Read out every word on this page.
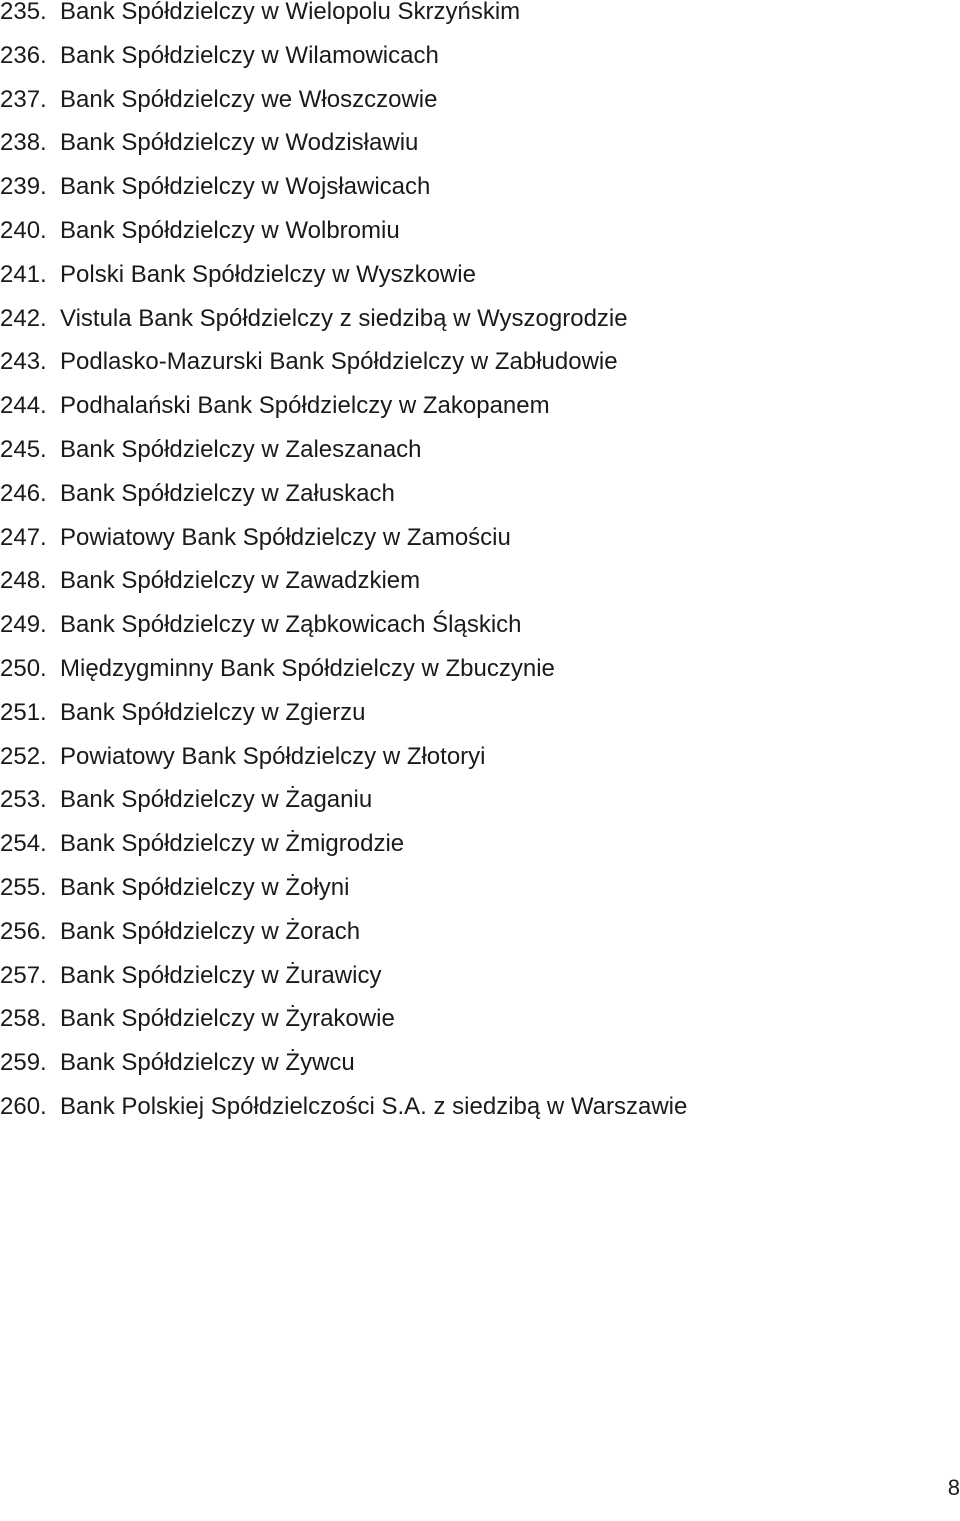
235. Bank Spółdzielczy w Wielopolu Skrzyńskim
236. Bank Spółdzielczy w Wilamowicach
237. Bank Spółdzielczy we Włoszczowie
238. Bank Spółdzielczy w Wodzisławiu
239. Bank Spółdzielczy w Wojsławicach
240. Bank Spółdzielczy w Wolbromiu
241. Polski Bank Spółdzielczy w Wyszkowie
242. Vistula Bank Spółdzielczy z siedzibą w Wyszogrodzie
243. Podlasko-Mazurski Bank Spółdzielczy w Zabłudowie
244. Podhalański Bank Spółdzielczy w Zakopanem
245. Bank Spółdzielczy w Zaleszanach
246. Bank Spółdzielczy w Załuskach
247. Powiatowy Bank Spółdzielczy w Zamościu
248. Bank Spółdzielczy w Zawadzkiem
249. Bank Spółdzielczy w Ząbkowicach Śląskich
250. Międzygminny Bank Spółdzielczy w Zbuczynie
251. Bank Spółdzielczy w Zgierzu
252. Powiatowy Bank Spółdzielczy w Złotoryi
253. Bank Spółdzielczy w Żaganiu
254. Bank Spółdzielczy w Żmigrodzie
255. Bank Spółdzielczy w Żołyni
256. Bank Spółdzielczy w Żorach
257. Bank Spółdzielczy w Żurawicy
258. Bank Spółdzielczy w Żyrakowie
259. Bank Spółdzielczy w Żywcu
260. Bank Polskiej Spółdzielczości S.A. z siedzibą w Warszawie
8
